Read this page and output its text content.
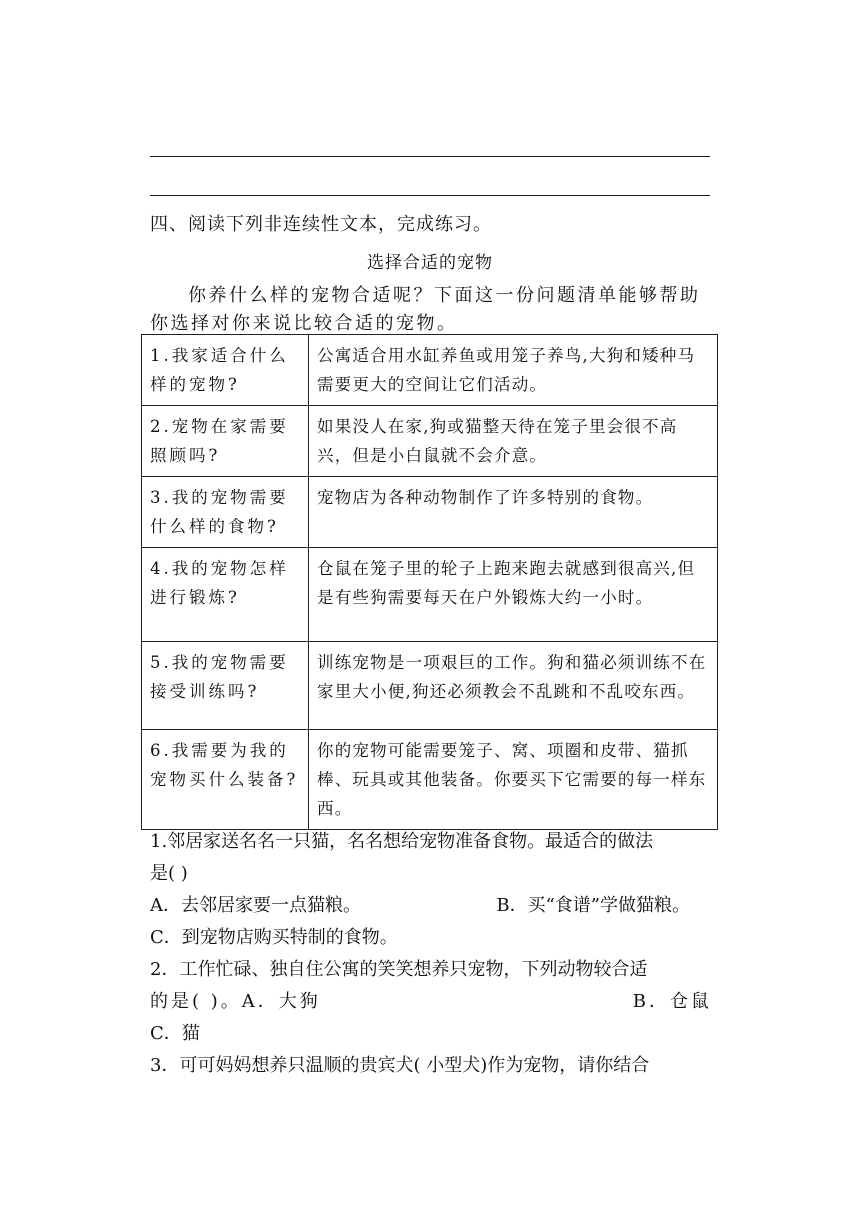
四、阅读下列非连续性文本，完成练习。
选择合适的宠物

你养什么样的宠物合适呢？下面这一份问题清单能够帮助你选择对你来说比较合适的宠物。

1.我家适合什么样的宠物?	公寓适合用水缸养鱼或用笼子养鸟,大狗和矮种马需要更大的空间让它们活动。
2.宠物在家需要照顾吗?	如果没人在家,狗或猫整天待在笼子里会很不高兴，但是小白鼠就不会介意。
3.我的宠物需要什么样的食物?	宠物店为各种动物制作了许多特别的食物。
4.我的宠物怎样进行锻炼?	仓鼠在笼子里的轮子上跑来跑去就感到很高兴,但是有些狗需要每天在户外锻炼大约一小时。
5.我的宠物需要接受训练吗?	训练宠物是一项艰巨的工作。狗和猫必须训练不在家里大小便,狗还必须教会不乱跳和不乱咬东西。
6.我需要为我的宠物买什么装备?	你的宠物可能需要笼子、窝、项圈和皮带、猫抓棒、玩具或其他装备。你要买下它需要的每一样东西。
1.邻居家送名名一只猫，名名想给宠物准备食物。最适合的做法
是( )
A．去邻居家要一点猫粮。	B．买“食谱”学做猫粮。
C．到宠物店购买特制的食物。
2．工作忙碌、独自住公寓的笑笑想养只宠物，下列动物较合适
的是( )。A．大狗	B．仓鼠
C．猫
3．可可妈妈想养只温顺的贵宾犬( 小型犬)作为宠物，请你结合
